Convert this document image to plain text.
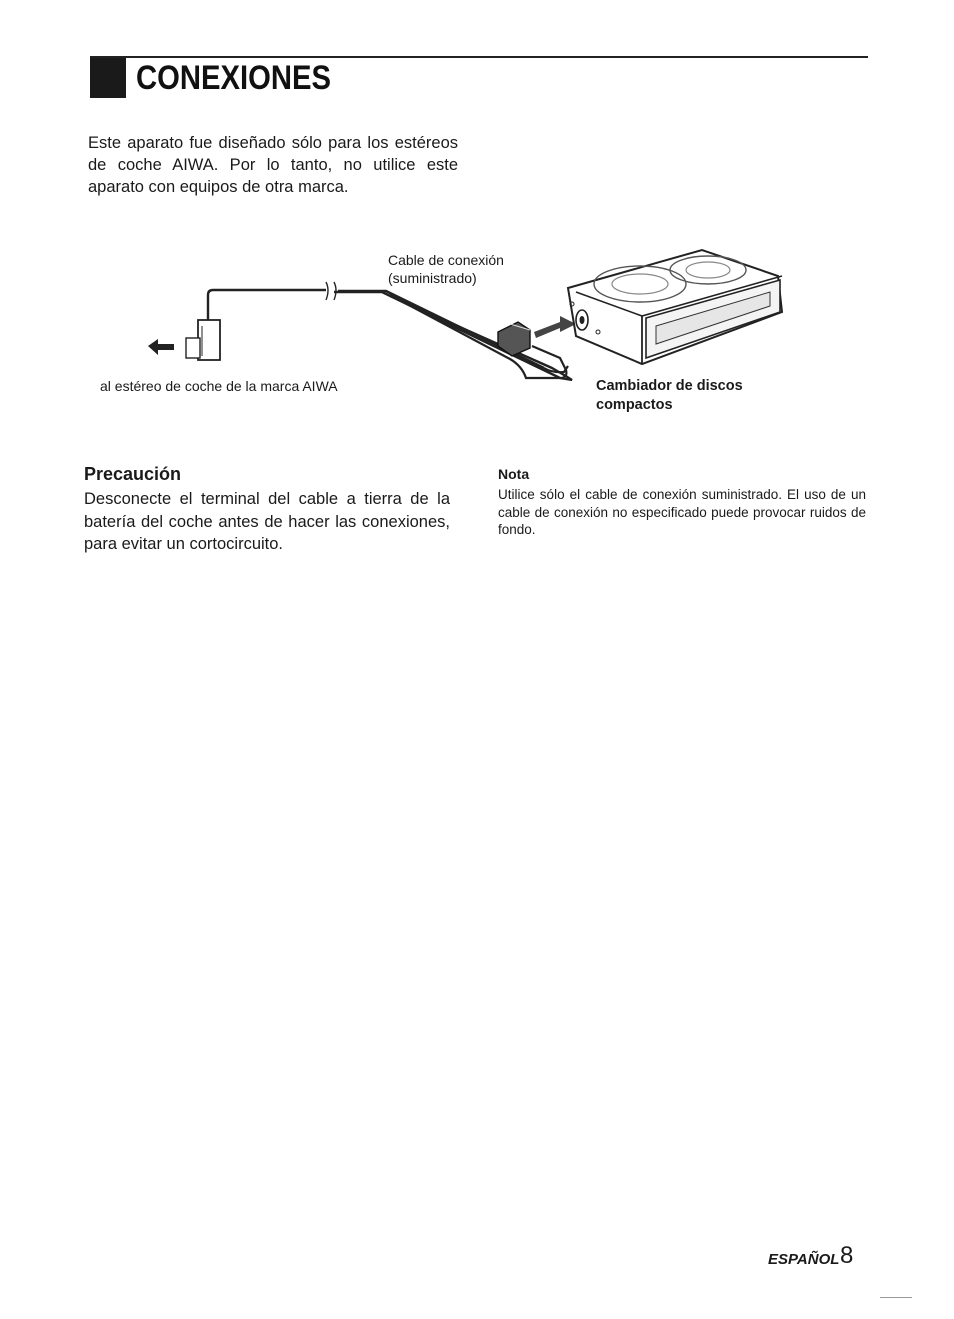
CONEXIONES

Este aparato fue diseñado sólo para los estéreos de coche AIWA. Por lo tanto, no utilice este aparato con equipos de otra marca.

Cable de conexión (suministrado)

al estéreo de coche de la marca AIWA	Cambiador de discos compactos

Precaución

Desconecte el terminal del cable a tierra de la batería del coche antes de hacer las conexiones, para evitar un cortocircuito.

Nota

Utilice sólo el cable de conexión suministrado. El uso de un cable de conexión no especificado puede provocar ruidos de fondo.

ESPAÑOL 8
